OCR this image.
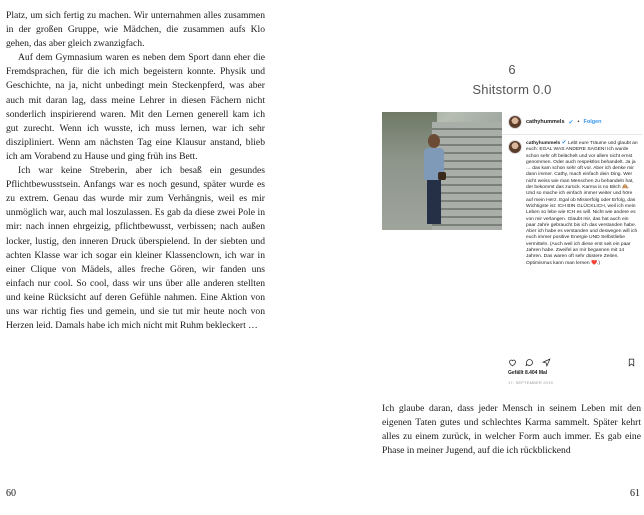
Platz, um sich fertig zu machen. Wir unternahmen alles zusammen in der großen Gruppe, wie Mädchen, die zusammen aufs Klo gehen, das aber gleich zwanzigfach.

Auf dem Gymnasium waren es neben dem Sport dann eher die Fremdsprachen, für die ich mich begeistern konnte. Physik und Geschichte, na ja, nicht unbedingt mein Steckenpferd, was aber auch mit daran lag, dass meine Lehrer in diesen Fächern nicht sonderlich inspirierend waren. Mit den Lernen generell kam ich gut zurecht. Wenn ich wusste, ich muss lernen, war ich sehr diszipliniert. Wenn am nächsten Tag eine Klausur anstand, blieb ich am Vorabend zu Hause und ging früh ins Bett.

Ich war keine Streberin, aber ich besaß ein gesundes Pflichtbewusstsein. Anfangs war es noch gesund, später wurde es zu extrem. Genau das wurde mir zum Verhängnis, weil es mir unmöglich war, auch mal loszulassen. Es gab da diese zwei Pole in mir: nach innen ehrgeizig, pflichtbewusst, verbissen; nach außen locker, lustig, den inneren Druck überspielend. In der siebten und achten Klasse war ich sogar ein kleiner Klassenclown, ich war in einer Clique von Mädels, alles freche Gören, wir fanden uns einfach nur cool. So cool, dass wir uns über alle anderen stellten und keine Rücksicht auf deren Gefühle nahmen. Eine Aktion von uns war richtig fies und gemein, und sie tut mir heute noch von Herzen leid. Damals habe ich mich nicht mit Ruhm bekleckert …

60
6
Shitstorm 0.0
cathyhummels ✔ • Folgen
cathyhummels ✔ Lebt eure Träume und glaubt an euch: EGAL WAS ANDERE SAGEN! Ich wurde schon sehr oft belächelt und vor allem nicht ernst genommen. Oder auch respektlos behandelt. Ja ja … das kam schon sehr oft vor. Aber ich denke mir dann immer. Cathy, mach einfach dein Ding. Wer nicht weiss wie man Menschen zu behandeln hat, der bekommt das zurück. Karma is no Bitch 🙈. Und so mache ich einfach immer weiter und höre auf mein Herz. Egal ob Misserfolg oder Erfolg, das Wichtigste ist: ICH BIN GLÜCKLICH, weil ich mein Leben so lebe wie ICH es will. Nicht wie andere es von mir verlangen. Glaubt mir, das hat auch ein paar Jahre gebraucht bis ich das verstanden habe. Aber ich habe es verstanden und deswegen will ich euch immer positive Energie UND Selbstliebe vermitteln. (Auch weil ich diese erst seit ein paar Jahren habe. Zweifel an mir begannen mit 14 Jahren. Das waren oft sehr düstere Zeiten. Optimismus kann man lernen ❤️.)
Gefällt 8.404 Mal
17. SEPTEMBER 2019

Ich glaube daran, dass jeder Mensch in seinem Leben mit den eigenen Taten gutes und schlechtes Karma sammelt. Später kehrt alles zu einem zurück, in welcher Form auch immer. Es gab eine Phase in meiner Jugend, auf die ich rückblickend

61
